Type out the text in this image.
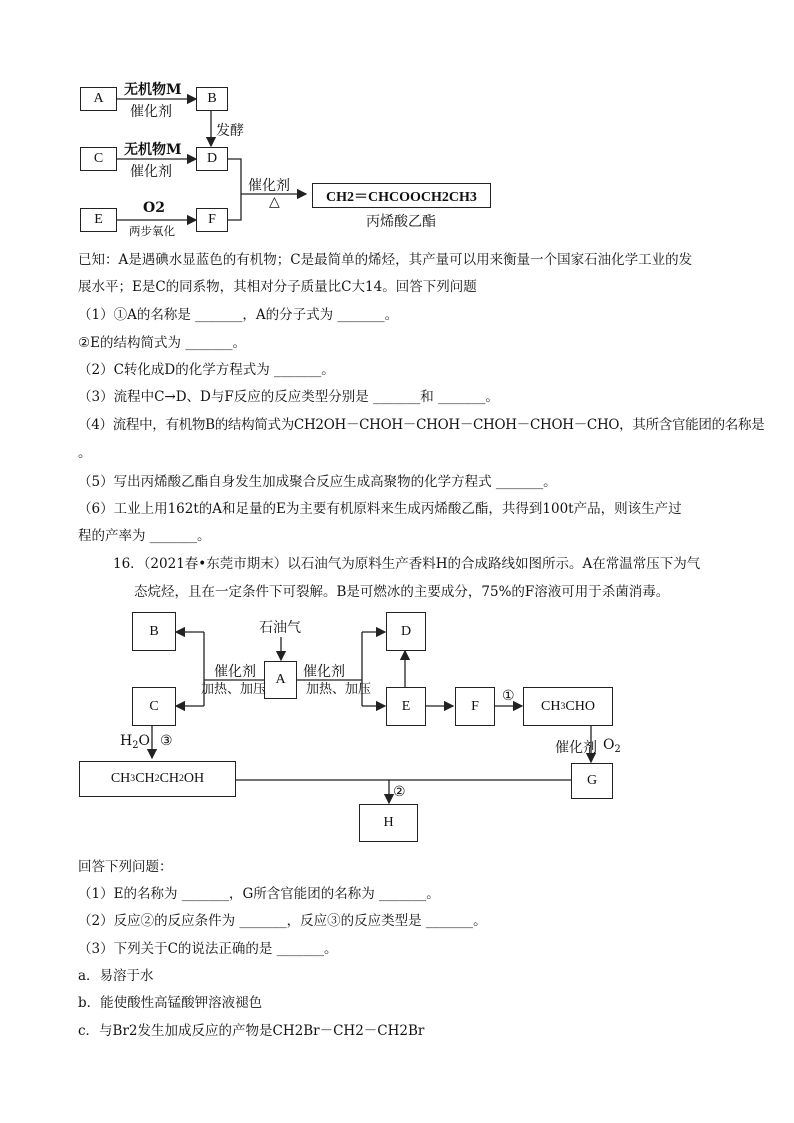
A	B
C	D
E	F
无机物M
催化剂
发酵
无机物M
催化剂
O2
两步氧化
催化剂
△	CH2＝CHCOOCH2CH3
丙烯酸乙酯
已知：A是遇碘水显蓝色的有机物；C是最简单的烯烃，其产量可以用来衡量一个国家石油化学工业的发
展水平；E是C的同系物，其相对分子质量比C大14。回答下列问题
（1）①A的名称是 _______，A的分子式为 _______。
②E的结构简式为 _______。
（2）C转化成D的化学方程式为 _______。
（3）流程中C→D、D与F反应的反应类型分别是 _______和 _______。
（4）流程中，有机物B的结构简式为CH2OH－CHOH－CHOH－CHOH－CHOH－CHO，其所含官能团的名称是
。
（5）写出丙烯酸乙酯自身发生加成聚合反应生成高聚物的化学方程式 _______。
（6）工业上用162t的A和足量的E为主要有机原料来生成丙烯酸乙酯，共得到100t产品，则该生产过
程的产率为 _______。
16．（2021春•东莞市期末）以石油气为原料生产香料H的合成路线如图所示。A在常温常压下为气
态烷烃，且在一定条件下可裂解。B是可燃冰的主要成分，75%的F溶液可用于杀菌消毒。
石油气
B
C
A
D
E	F	CH 3 CHO
G
CH 3 CH 2 CH 2 OH
H
催化剂
加热、加压
催化剂
加热、加压	①
$H_2O$ ③	催化剂 $O_2$
②
回答下列问题：
（1）E的名称为 _______，G所含官能团的名称为 _______。
（2）反应②的反应条件为 _______，反应③的反应类型是 _______。
（3）下列关于C的说法正确的是 _______。
a．易溶于水
b．能使酸性高锰酸钾溶液褪色
c．与Br2发生加成反应的产物是CH2Br－CH2－CH2Br
